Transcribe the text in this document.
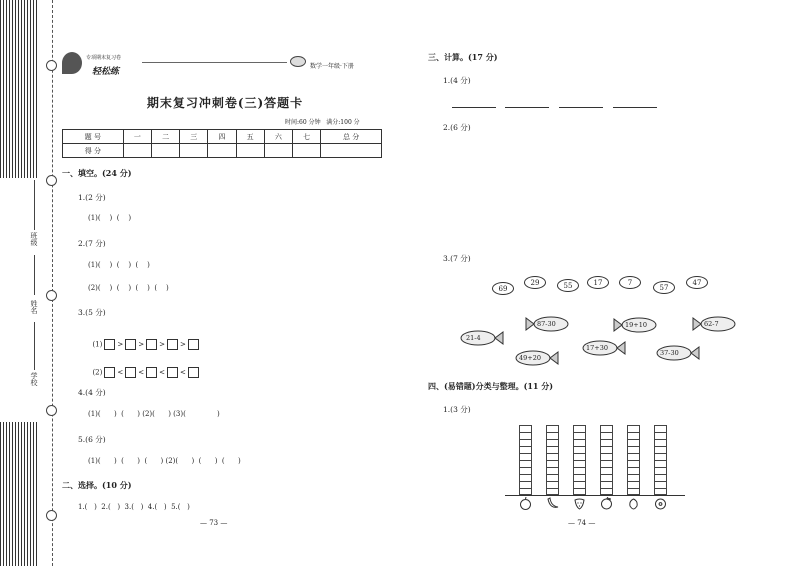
班级
姓名
学校
专项期末复习卷
轻松练
数学一年级·下册
期末复习冲刺卷(三)答题卡
时间:60 分钟   满分:100 分
题 号	一	二	三	四	五	六	七	总 分
得 分								
一、填空。(24 分)
1.(2 分)
(1)(    )  (    )
2.(7 分)
(1)(    )  (    )  (    )
(2)(    )  (    )  (    )  (    )
3.(5 分)

(1) > > > >

(2) < < < <

4.(4 分)
(1)(      )  (      ) (2)(      ) (3)(              )
5.(6 分)
(1)(      )  (      )  (      ) (2)(      )  (      )  (      )
二、选择。(10 分)
1.(   )  2.(   )  3.(   )  4.(   )  5.(   )
— 73 —
三、计算。(17 分)
1.(4 分)
2.(6 分)
3.(7 分)
69
29	55	17	7
57
47
21-4
87-30	19+10	62-7
49+20
17+30
37-30
四、(易错题)分类与整理。(11 分)
1.(3 分)
— 74 —
